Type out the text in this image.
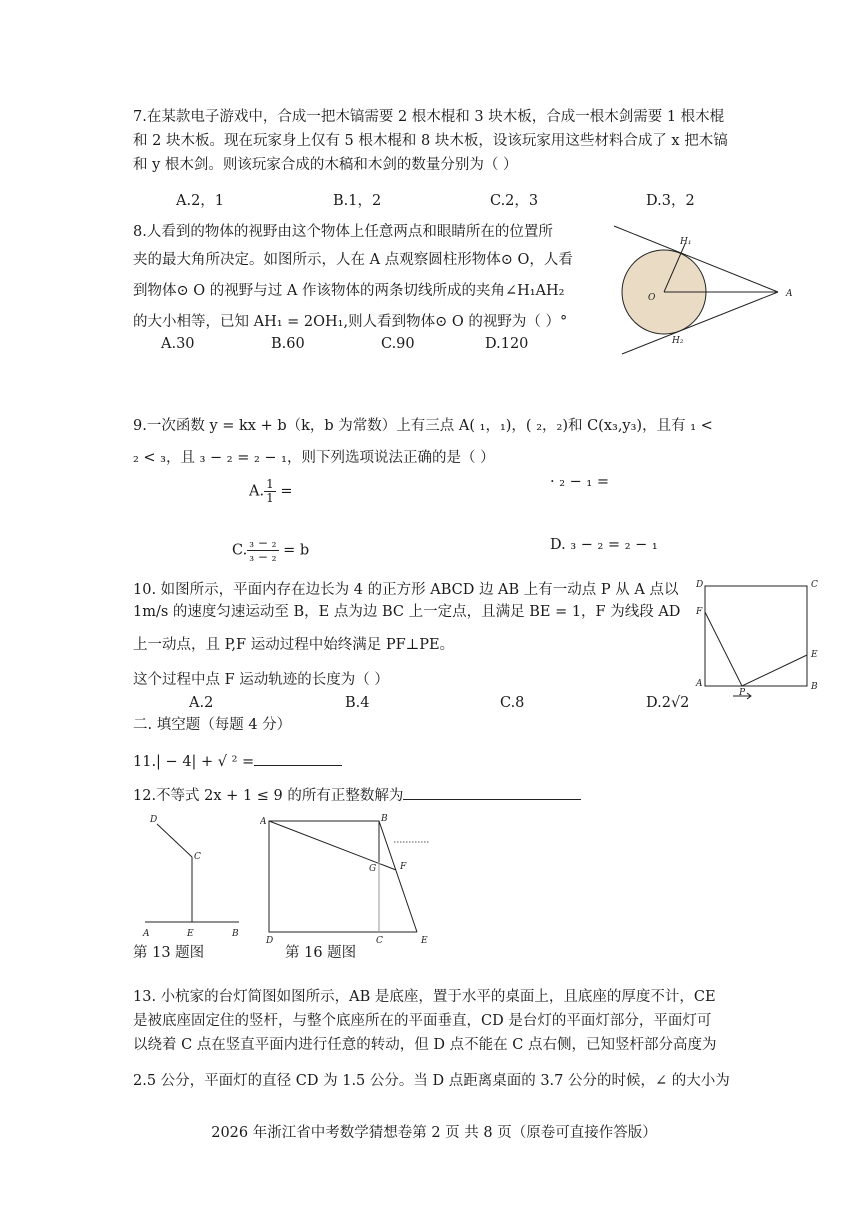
7.在某款电子游戏中，合成一把木镐需要 2 根木棍和 3 块木板，合成一根木剑需要 1 根木棍
和 2 块木板。现在玩家身上仅有 5 根木棍和 8 块木板，设该玩家用这些材料合成了 x 把木镐
和 y 根木剑。则该玩家合成的木稿和木剑的数量分别为（ ）
A.2，1	B.1，2	C.2，3	D.3，2
8.人看到的物体的视野由这个物体上任意两点和眼睛所在的位置所
夹的最大角所决定。如图所示，人在 A 点观察圆柱形物体⊙ O，人看
到物体⊙ O 的视野与过 A 作该物体的两条切线所成的夹角∠H₁AH₂
的大小相等，已知 AH₁ = 2OH₁,则人看到物体⊙ O 的视野为（ ）°
A.30	B.60	C.90	D.120
H₁
H₂
O	A
9.一次函数 y = kx + b（k，b 为常数）上有三点 A( ₁，₁)，( ₂，₂)和 C(x₃,y₃)，且有 ₁ <
₂ < ₃，且 ₃ − ₂ = ₂ − ₁，则下列选项说法正确的是（ ）
A. $\frac{1}{1}$ =
· ₂ − ₁ =
C. $\frac{\text{₃ − ₂}}{\text{₃ − ₂}} = b$	D. ₃ − ₂ = ₂ − ₁
10. 如图所示，平面内存在边长为 4 的正方形 ABCD 边 AB 上有一动点 P 从 A 点以
1m/s 的速度匀速运动至 B，E 点为边 BC 上一定点，且满足 BE = 1，F 为线段 AD
上一动点，且 P,F 运动过程中始终满足 PF⊥PE。
这个过程中点 F 运动轨迹的长度为（ ）
A.2	B.4	C.8	D.2√2
D	C
F
E
A
P
B
二. 填空题（每题 4 分）
11.| − 4| + √ ² =
12.不等式 2x + 1 ≤ 9 的所有正整数解为
D
C
A	E	B
第 13 题图
A	B
G	F
D	C	E
第 16 题图
13. 小杭家的台灯简图如图所示，AB 是底座，置于水平的桌面上，且底座的厚度不计，CE
是被底座固定住的竖杆，与整个底座所在的平面垂直，CD 是台灯的平面灯部分，平面灯可
以绕着 C 点在竖直平面内进行任意的转动，但 D 点不能在 C 点右侧，已知竖杆部分高度为
2.5 公分，平面灯的直径 CD 为 1.5 公分。当 D 点距离桌面的 3.7 公分的时候，∠ 的大小为
2026 年浙江省中考数学猜想卷第 2 页 共 8 页（原卷可直接作答版）
